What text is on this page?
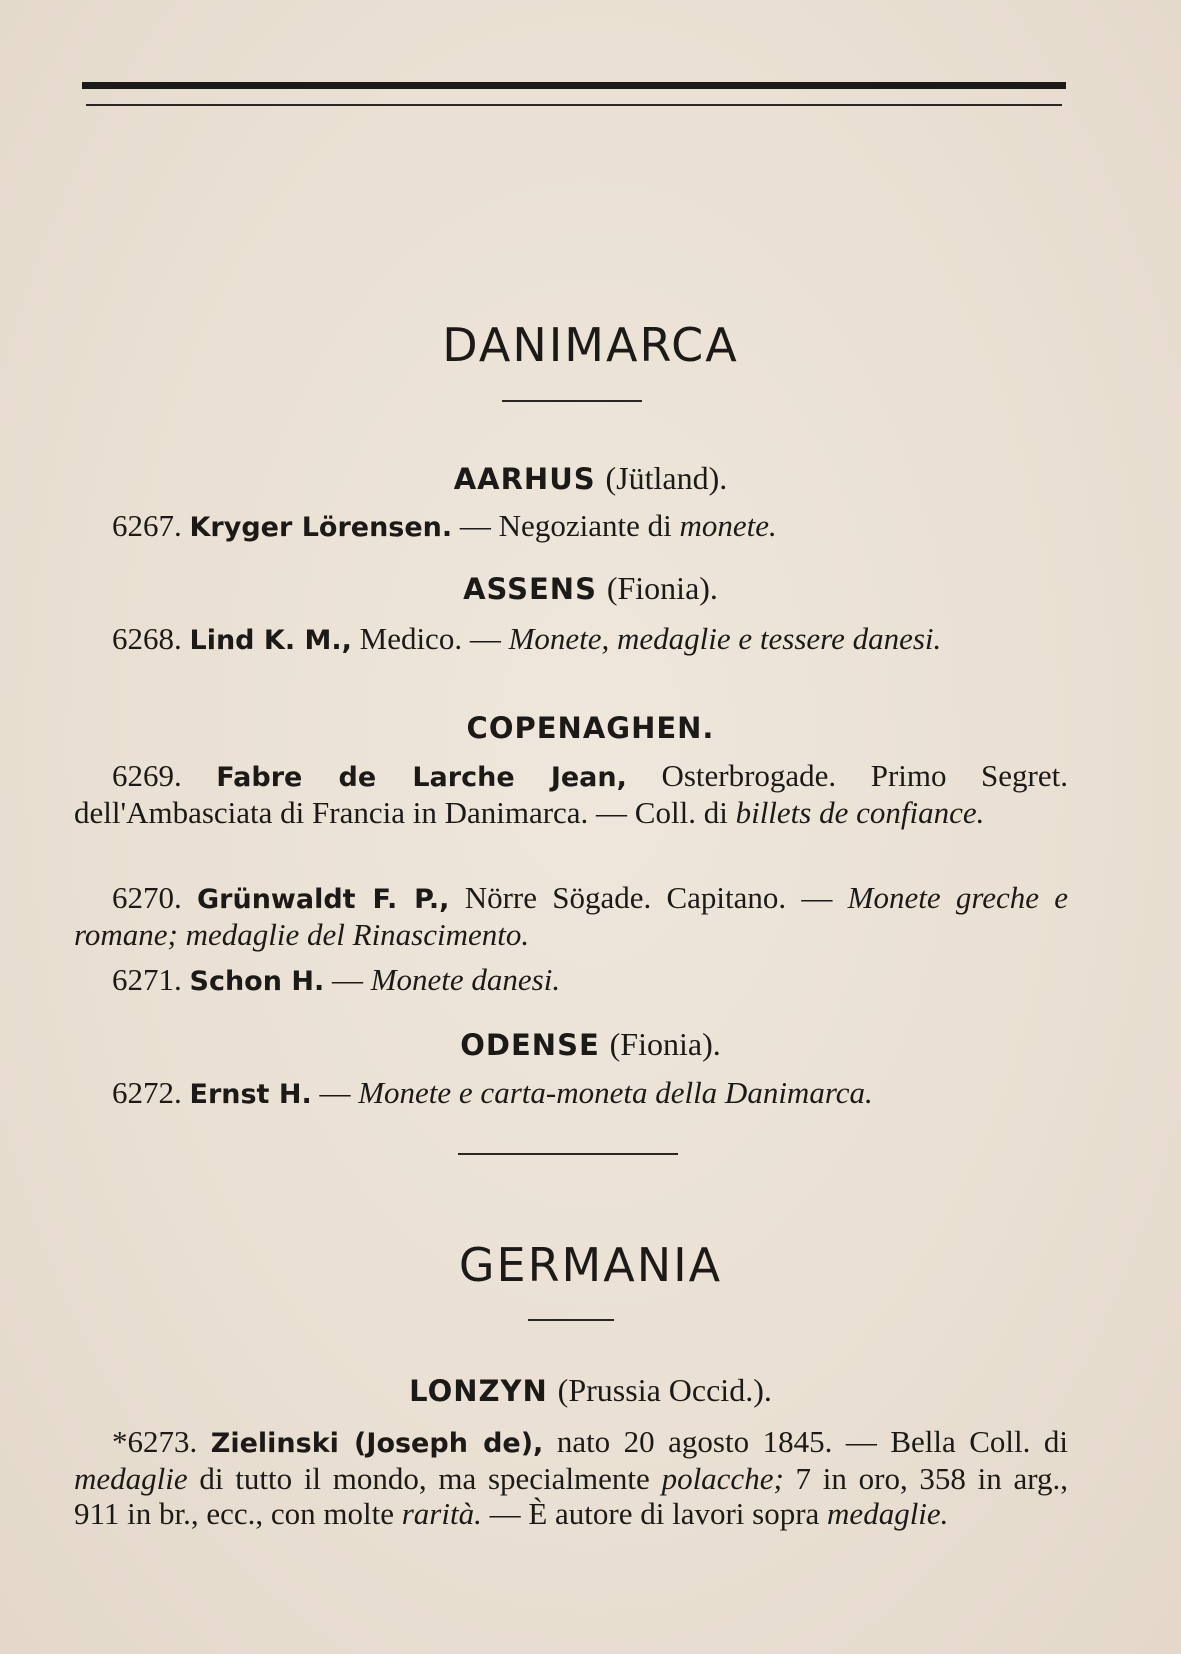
DANIMARCA
AARHUS (Jütland).
6267. Kryger Lörensen. — Negoziante di monete.
ASSENS (Fionia).
6268. Lind K. M., Medico. — Monete, medaglie e tessere danesi.
COPENAGHEN.
6269. Fabre de Larche Jean, Osterbrogade. Primo Segret. dell'Ambasciata di Francia in Danimarca. — Coll. di billets de confiance.
6270. Grünwaldt F. P., Nörre Sögade. Capitano. — Monete greche e romane; medaglie del Rinascimento.
6271. Schon H. — Monete danesi.
ODENSE (Fionia).
6272. Ernst H. — Monete e carta-moneta della Danimarca.
GERMANIA
LONZYN (Prussia Occid.).
*6273. Zielinski (Joseph de), nato 20 agosto 1845. — Bella Coll. di medaglie di tutto il mondo, ma specialmente polacche; 7 in oro, 358 in arg., 911 in br., ecc., con molte rarità. — È autore di lavori sopra medaglie.
